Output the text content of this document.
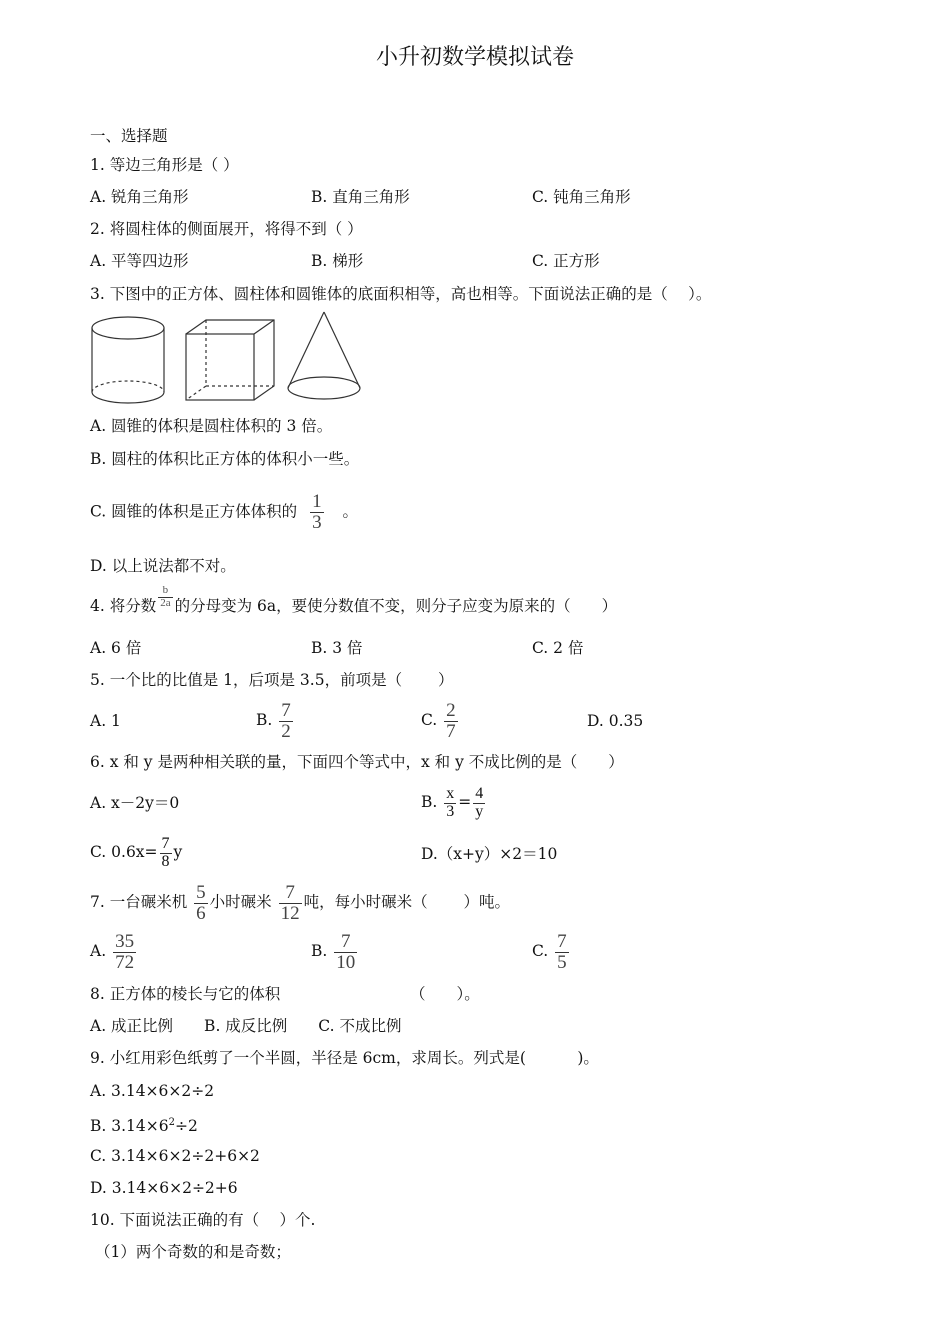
小升初数学模拟试卷
一、选择题
1. 等边三角形是（ ）
A. 锐角三角形	B. 直角三角形	C. 钝角三角形
2. 将圆柱体的侧面展开，将得不到（ ）
A. 平等四边形	B. 梯形	C. 正方形
3. 下图中的正方体、圆柱体和圆锥体的底面积相等，高也相等。下面说法正确的是（　 ）。
A. 圆锥的体积是圆柱体积的 3 倍。
B. 圆柱的体积比正方体的体积小一些。
C. 圆锥的体积是正方体体积的 $\frac{1}{3}$ 。
D. 以上说法都不对。
4. 将分数 $\frac{b}{2a}$ 的分母变为 6a，要使分数值不变，则分子应变为原来的（　　）
A. 6 倍	B. 3 倍	C. 2 倍
5. 一个比的比值是 1，后项是 3.5，前项是（　　 ）
A. 1	B. $\frac{7}{2}$	C. $\frac{2}{7}$	D. 0.35
6. x 和 y 是两种相关联的量，下面四个等式中，x 和 y 不成比例的是（　　）
A. x－2y＝0	B. $\frac{x}{3} = \frac{4}{y}$
C. $0.6x= \frac{7}{8}$ y	D.（x+y）×2＝10
7. 一台碾米机 $\frac{5}{6}$ 小时碾米 $\frac{7}{12}$ 吨，每小时碾米（　　 ）吨。
A. $\frac{35}{72}$	B. $\frac{7}{10}$	C. $\frac{7}{5}$
8. 正方体的棱长与它的体积	（　　）。
A. 成正比例　　B. 成反比例　　C. 不成比例
9. 小红用彩色纸剪了一个半圆，半径是 6cm，求周长。列式是(　　　 )。
A. 3.14×6×2÷2
B. $3.14\times 6^2\div 2$
C. 3.14×6×2÷2+6×2
D. 3.14×6×2÷2+6
10. 下面说法正确的有（　 ）个.
（1）两个奇数的和是奇数；
